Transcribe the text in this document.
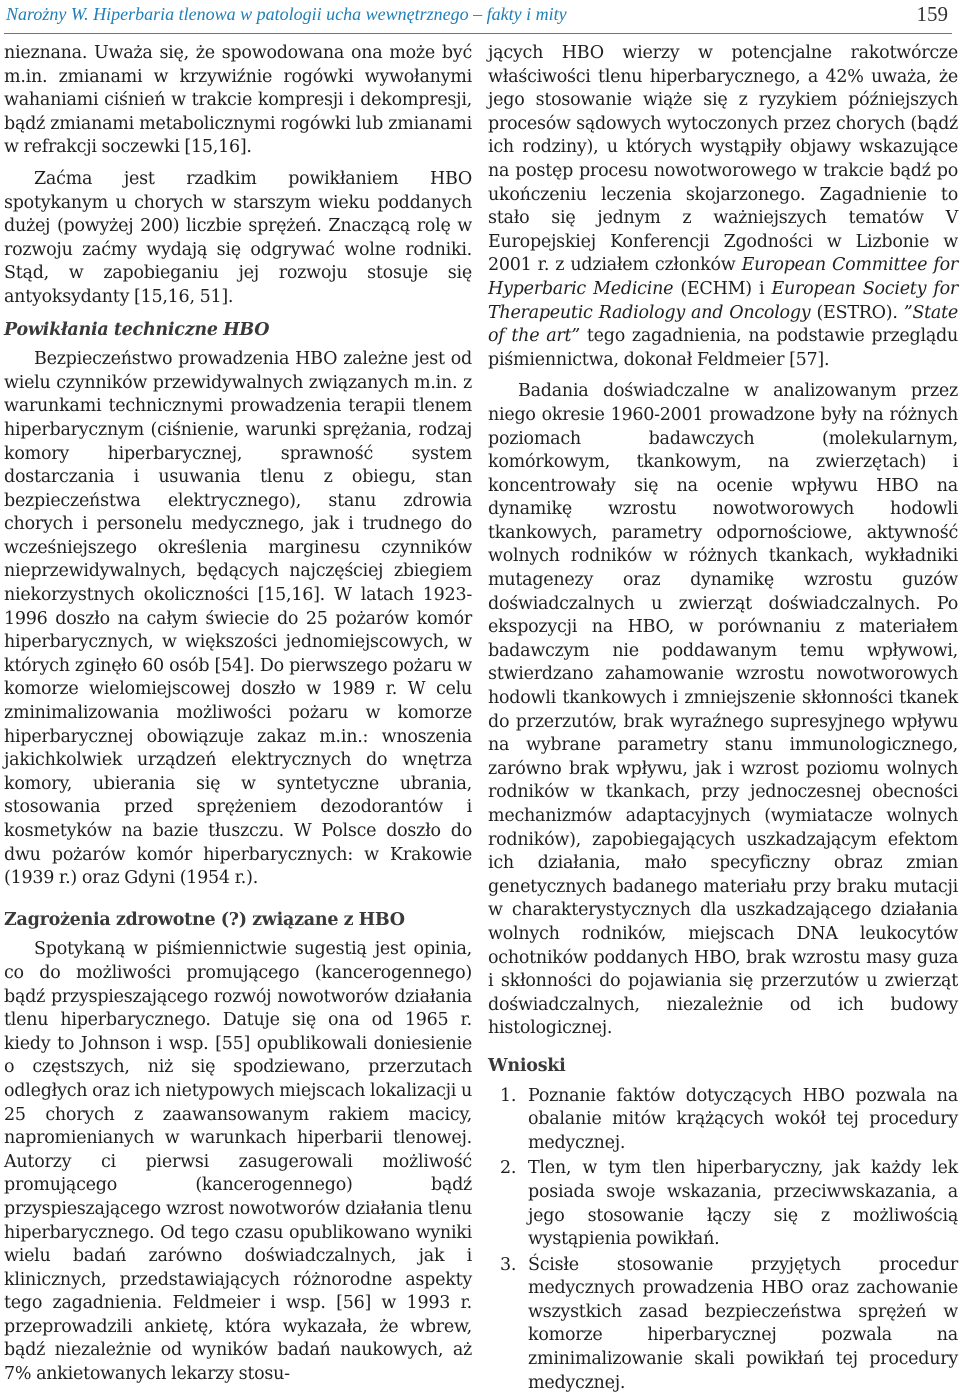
Narożny W. Hiperbaria tlenowa w patologii ucha wewnętrznego – fakty i mity	159

nieznana. Uważa się, że spowodowana ona może być m.in. zmianami w krzywiźnie rogówki wywołanymi wahaniami ciśnień w trakcie kompresji i dekompresji, bądź zmianami metabolicznymi rogówki lub zmianami w refrakcji soczewki [15,16].

Zaćma jest rzadkim powikłaniem HBO spotykanym u chorych w starszym wieku poddanych dużej (powyżej 200) liczbie sprężeń. Znaczącą rolę w rozwoju zaćmy wydają się odgrywać wolne rodniki. Stąd, w zapobieganiu jej rozwoju stosuje się antyoksydanty [15,16, 51].

Powikłania techniczne HBO

Bezpieczeństwo prowadzenia HBO zależne jest od wielu czynników przewidywalnych związanych m.in. z warunkami technicznymi prowadzenia terapii tlenem hiperbarycznym (ciśnienie, warunki sprężania, rodzaj komory hiperbarycznej, sprawność system dostarczania i usuwania tlenu z obiegu, stan bezpieczeństwa elektrycznego), stanu zdrowia chorych i personelu medycznego, jak i trudnego do wcześniejszego określenia marginesu czynników nieprzewidywalnych, będących najczęściej zbiegiem niekorzystnych okoliczności [15,16]. W latach 1923-1996 doszło na całym świecie do 25 pożarów komór hiperbarycznych, w większości jednomiejscowych, w których zginęło 60 osób [54]. Do pierwszego pożaru w komorze wielomiejscowej doszło w 1989 r. W celu zminimalizowania możliwości pożaru w komorze hiperbarycznej obowiązuje zakaz m.in.: wnoszenia jakichkolwiek urządzeń elektrycznych do wnętrza komory, ubierania się w syntetyczne ubrania, stosowania przed sprężeniem dezodorantów i kosmetyków na bazie tłuszczu. W Polsce doszło do dwu pożarów komór hiperbarycznych: w Krakowie (1939 r.) oraz Gdyni (1954 r.).

Zagrożenia zdrowotne (?) związane z HBO

Spotykaną w piśmiennictwie sugestią jest opinia, co do możliwości promującego (kancerogennego) bądź przyspieszającego rozwój nowotworów działania tlenu hiperbarycznego. Datuje się ona od 1965 r. kiedy to Johnson i wsp. [55] opublikowali doniesienie o częstszych, niż się spodziewano, przerzutach odległych oraz ich nietypowych miejscach lokalizacji u 25 chorych z zaawansowanym rakiem macicy, napromienianych w warunkach hiperbarii tlenowej. Autorzy ci pierwsi zasugerowali możliwość promującego (kancerogennego) bądź przyspieszającego wzrost nowotworów działania tlenu hiperbarycznego. Od tego czasu opublikowano wyniki wielu badań zarówno doświadczalnych, jak i klinicznych, przedstawiających różnorodne aspekty tego zagadnienia. Feldmeier i wsp. [56] w 1993 r. przeprowadzili ankietę, która wykazała, że wbrew, bądź niezależnie od wyników badań naukowych, aż 7% ankietowanych lekarzy stosu-

jących HBO wierzy w potencjalne rakotwórcze właściwości tlenu hiperbarycznego, a 42% uważa, że jego stosowanie wiąże się z ryzykiem późniejszych procesów sądowych wytoczonych przez chorych (bądź ich rodziny), u których wystąpiły objawy wskazujące na postęp procesu nowotworowego w trakcie bądź po ukończeniu leczenia skojarzonego. Zagadnienie to stało się jednym z ważniejszych tematów V Europejskiej Konferencji Zgodności w Lizbonie w 2001 r. z udziałem członków European Committee for Hyperbaric Medicine (ECHM) i European Society for Therapeutic Radiology and Oncology (ESTRO). ”State of the art” tego zagadnienia, na podstawie przeglądu piśmiennictwa, dokonał Feldmeier [57].

Badania doświadczalne w analizowanym przez niego okresie 1960-2001 prowadzone były na różnych poziomach badawczych (molekularnym, komórkowym, tkankowym, na zwierzętach) i koncentrowały się na ocenie wpływu HBO na dynamikę wzrostu nowotworowych hodowli tkankowych, parametry odpornościowe, aktywność wolnych rodników w różnych tkankach, wykładniki mutagenezy oraz dynamikę wzrostu guzów doświadczalnych u zwierząt doświadczalnych. Po ekspozycji na HBO, w porównaniu z materiałem badawczym nie poddawanym temu wpływowi, stwierdzano zahamowanie wzrostu nowotworowych hodowli tkankowych i zmniejszenie skłonności tkanek do przerzutów, brak wyraźnego supresyjnego wpływu na wybrane parametry stanu immunologicznego, zarówno brak wpływu, jak i wzrost poziomu wolnych rodników w tkankach, przy jednoczesnej obecności mechanizmów adaptacyjnych (wymiatacze wolnych rodników), zapobiegających uszkadzającym efektom ich działania, mało specyficzny obraz zmian genetycznych badanego materiału przy braku mutacji w charakterystycznych dla uszkadzającego działania wolnych rodników, miejscach DNA leukocytów ochotników poddanych HBO, brak wzrostu masy guza i skłonności do pojawiania się przerzutów u zwierząt doświadczalnych, niezależnie od ich budowy histologicznej.

Wnioski
1. Poznanie faktów dotyczących HBO pozwala na obalanie mitów krążących wokół tej procedury medycznej.
2. Tlen, w tym tlen hiperbaryczny, jak każdy lek posiada swoje wskazania, przeciwwskazania, a jego stosowanie łączy się z możliwością wystąpienia powikłań.
3. Ścisłe stosowanie przyjętych procedur medycznych prowadzenia HBO oraz zachowanie wszystkich zasad bezpieczeństwa sprężeń w komorze hiperbarycznej pozwala na zminimalizowanie skali powikłań tej procedury medycznej.
